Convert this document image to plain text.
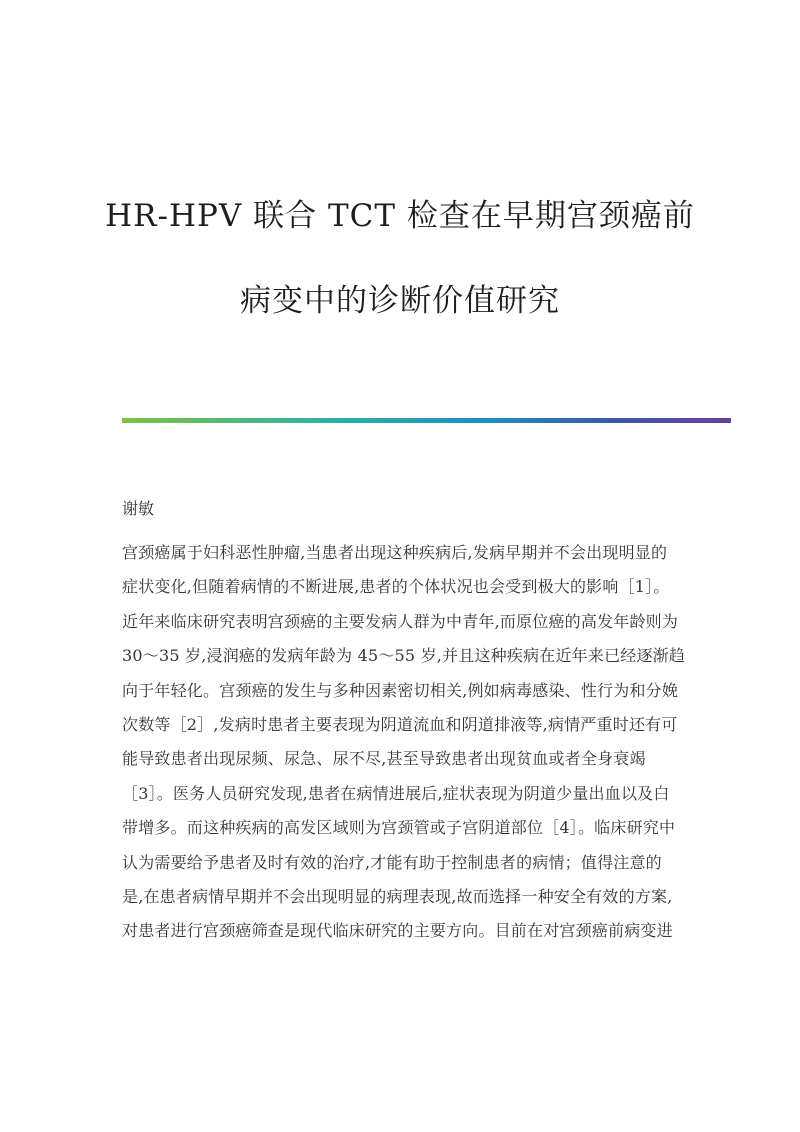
HR-HPV 联合 TCT 检查在早期宫颈癌前
病变中的诊断价值研究
谢敏
宫颈癌属于妇科恶性肿瘤,当患者出现这种疾病后,发病早期并不会出现明显的
症状变化,但随着病情的不断进展,患者的个体状况也会受到极大的影响［1］。
近年来临床研究表明宫颈癌的主要发病人群为中青年,而原位癌的高发年龄则为
30～35 岁,浸润癌的发病年龄为 45～55 岁,并且这种疾病在近年来已经逐渐趋
向于年轻化。宫颈癌的发生与多种因素密切相关,例如病毒感染、性行为和分娩
次数等［2］,发病时患者主要表现为阴道流血和阴道排液等,病情严重时还有可
能导致患者出现尿频、尿急、尿不尽,甚至导致患者出现贫血或者全身衰竭
［3］。医务人员研究发现,患者在病情进展后,症状表现为阴道少量出血以及白
带增多。而这种疾病的高发区域则为宫颈管或子宫阴道部位［4］。临床研究中
认为需要给予患者及时有效的治疗,才能有助于控制患者的病情；值得注意的
是,在患者病情早期并不会出现明显的病理表现,故而选择一种安全有效的方案,
对患者进行宫颈癌筛查是现代临床研究的主要方向。目前在对宫颈癌前病变进
